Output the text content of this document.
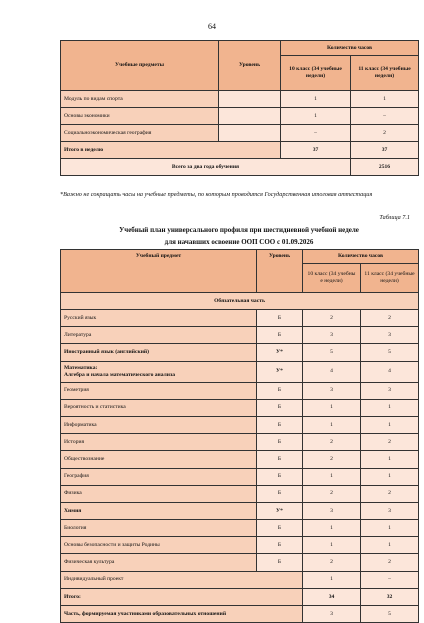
64
Учебные предметы	Уровень	Количество часов	
		10 класс (34 учебные недели)	11 класс (34 учебные недели)
Модуль по видам спорта		1	1
Основы экономики		1	–
Социальноэкономическая география		–	2
Итого в неделю		37	37
Всего за два года обучения			2516
*Важно не сокращать часы на учебные предметы, по которым проводится Государственная итоговая аттестация
Таблица 7.1
Учебный план универсального профиля при шестидневной учебной неделе
для начавших освоение ООП СОО с 01.09.2026
Учебный предмет	Уровень	Количество часов	
		10 класс (34 учебны е недели)	11 класс (34 учебные недели)
Обязательная часть			
Русский язык	Б	2	2
Литература	Б	3	3
Иностранный язык (английский)	У*	5	5

Математика:
Алгебра и начала математического анализа	У*	4	4
Геометрия	Б	3	3
Вероятность и статистика	Б	1	1
Информатика	Б	1	1
История	Б	2	2
Обществознание	Б	2	1
География	Б	1	1
Физика	Б	2	2
Химия	У*	3	3
Биология	Б	1	1
Основы безопасности и защиты Родины	Б	1	1
Физическая культура	Б	2	2
Индивидуальный проект		1	–
Итого:		34	32
Часть, формируемая участниками образовательных отношений		3	5
